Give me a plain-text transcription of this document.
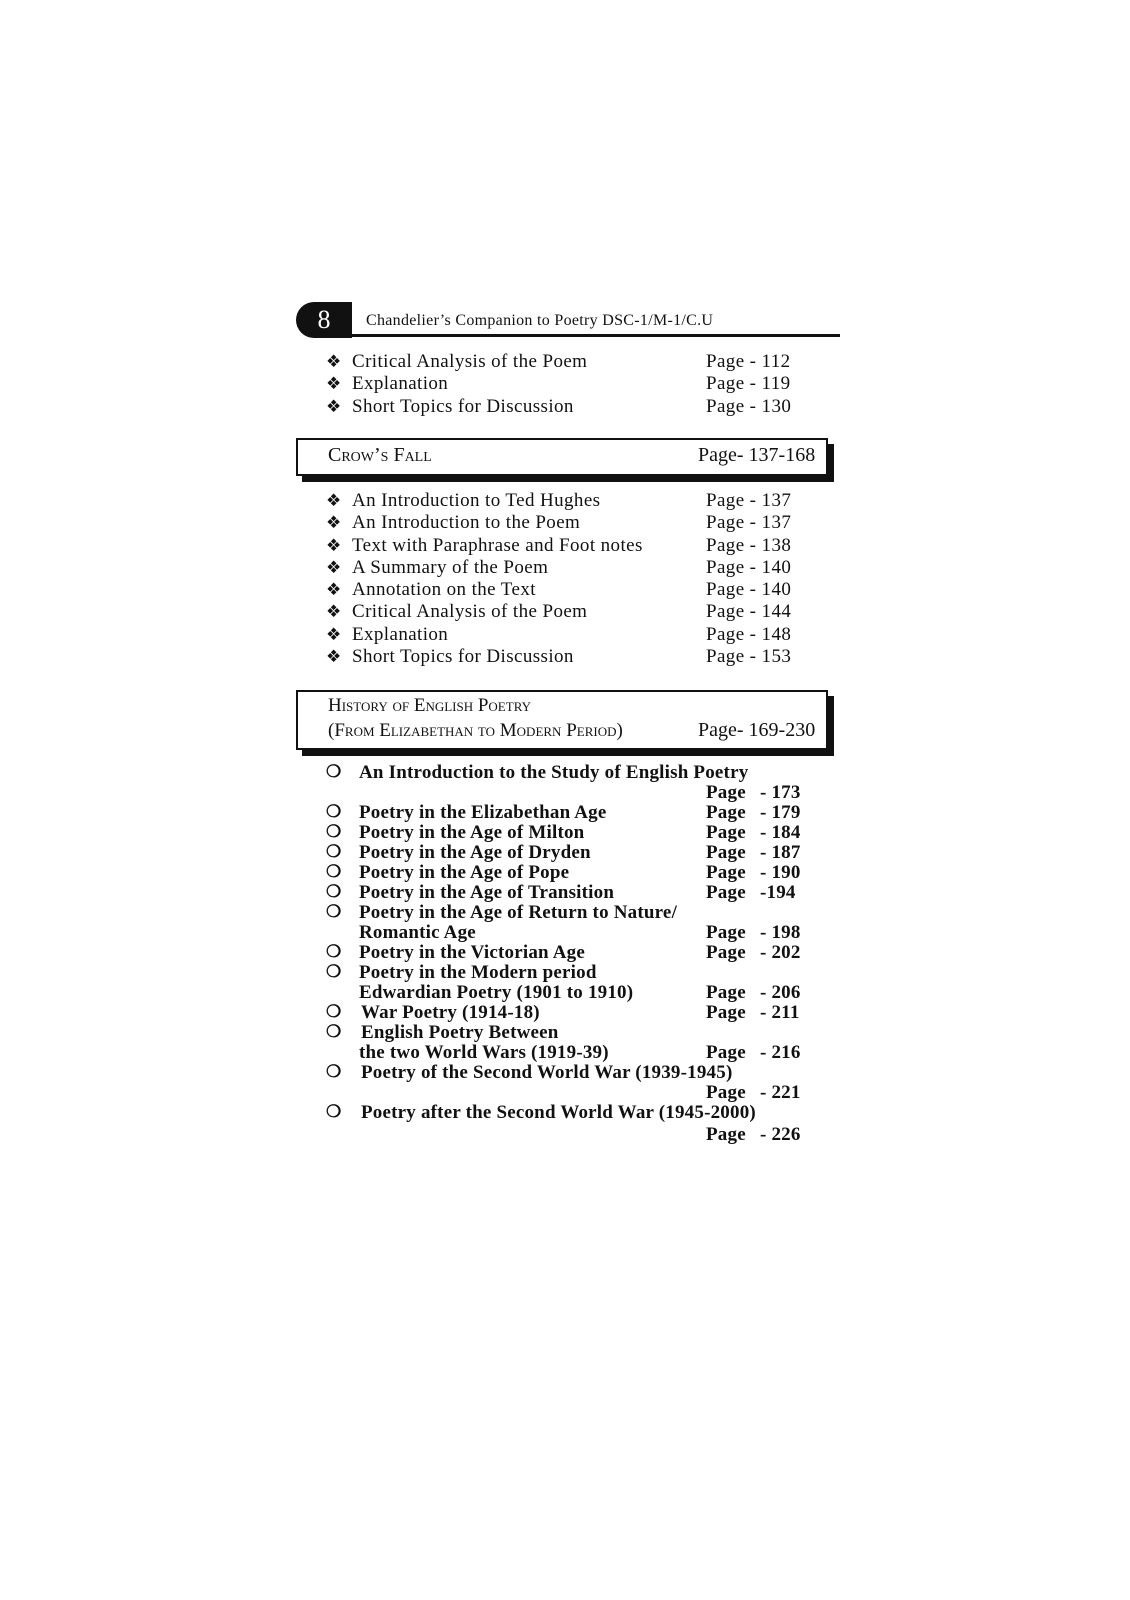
8	Chandelier’s Companion to Poetry DSC-1/M-1/C.U
❖ Critical Analysis of the Poem	Page - 112
❖ Explanation	Page - 119
❖ Short Topics for Discussion	Page - 130
Crow’s Fall	Page- 137-168
❖ An Introduction to Ted Hughes	Page - 137
❖ An Introduction to the Poem	Page - 137
❖ Text with Paraphrase and Foot notes	Page - 138
❖ A Summary of the Poem	Page - 140
❖ Annotation on the Text	Page - 140
❖ Critical Analysis of the Poem	Page - 144
❖ Explanation	Page - 148
❖ Short Topics for Discussion	Page - 153
History of English Poetry
(From Elizabethan to Modern Period)	Page- 169-230
❍ An Introduction to the Study of English Poetry
Page - 173
❍ Poetry in the Elizabethan Age	Page - 179
❍ Poetry in the Age of Milton	Page - 184
❍ Poetry in the Age of Dryden	Page - 187
❍ Poetry in the Age of Pope	Page - 190
❍ Poetry in the Age of Transition	Page -194
❍ Poetry in the Age of Return to Nature/
Romantic Age	Page - 198
❍ Poetry in the Victorian Age	Page - 202
❍ Poetry in the Modern period
Edwardian Poetry (1901 to 1910)	Page - 206
❍ War Poetry (1914-18)	Page - 211
❍ English Poetry Between
the two World Wars (1919-39)	Page - 216
❍ Poetry of the Second World War (1939-1945)
Page - 221
❍ Poetry after the Second World War (1945-2000)
Page - 226
